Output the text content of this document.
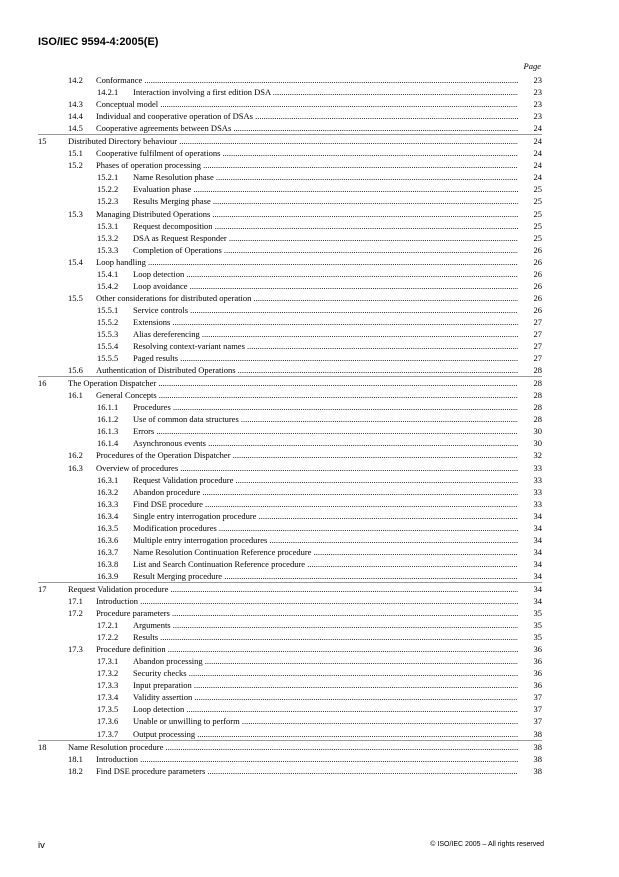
ISO/IEC 9594-4:2005(E)
Page
14.2 Conformance .....	23
14.2.1 Interaction involving a first edition DSA .....	23
14.3 Conceptual model .....	23
14.4 Individual and cooperative operation of DSAs .....	23
14.5 Cooperative agreements between DSAs .....	24
15	Distributed Directory behaviour .....	24
15.1 Cooperative fulfilment of operations .....	24
15.2 Phases of operation processing .....	24
15.2.1 Name Resolution phase .....	24
15.2.2 Evaluation phase .....	25
15.2.3 Results Merging phase .....	25
15.3 Managing Distributed Operations .....	25
15.3.1 Request decomposition .....	25
15.3.2 DSA as Request Responder .....	25
15.3.3 Completion of Operations .....	26
15.4 Loop handling .....	26
15.4.1 Loop detection .....	26
15.4.2 Loop avoidance .....	26
15.5 Other considerations for distributed operation .....	26
15.5.1 Service controls .....	26
15.5.2 Extensions .....	27
15.5.3 Alias dereferencing .....	27
15.5.4 Resolving context-variant names .....	27
15.5.5 Paged results .....	27
15.6 Authentication of Distributed Operations .....	28
16	The Operation Dispatcher .....	28
16.1 General Concepts .....	28
16.1.1 Procedures .....	28
16.1.2 Use of common data structures .....	28
16.1.3 Errors .....	30
16.1.4 Asynchronous events .....	30
16.2 Procedures of the Operation Dispatcher .....	32
16.3 Overview of procedures .....	33
16.3.1 Request Validation procedure .....	33
16.3.2 Abandon procedure .....	33
16.3.3 Find DSE procedure .....	33
16.3.4 Single entry interrogation procedure .....	34
16.3.5 Modification procedures .....	34
16.3.6 Multiple entry interrogation procedures .....	34
16.3.7 Name Resolution Continuation Reference procedure .....	34
16.3.8 List and Search Continuation Reference procedure .....	34
16.3.9 Result Merging procedure .....	34
17	Request Validation procedure .....	34
17.1 Introduction .....	34
17.2 Procedure parameters .....	35
17.2.1 Arguments .....	35
17.2.2 Results .....	35
17.3 Procedure definition .....	36
17.3.1 Abandon processing .....	36
17.3.2 Security checks .....	36
17.3.3 Input preparation .....	36
17.3.4 Validity assertion .....	37
17.3.5 Loop detection .....	37
17.3.6 Unable or unwilling to perform .....	37
17.3.7 Output processing .....	38
18	Name Resolution procedure .....	38
18.1 Introduction .....	38
18.2 Find DSE procedure parameters .....	38
iv	© ISO/IEC 2005 – All rights reserved
